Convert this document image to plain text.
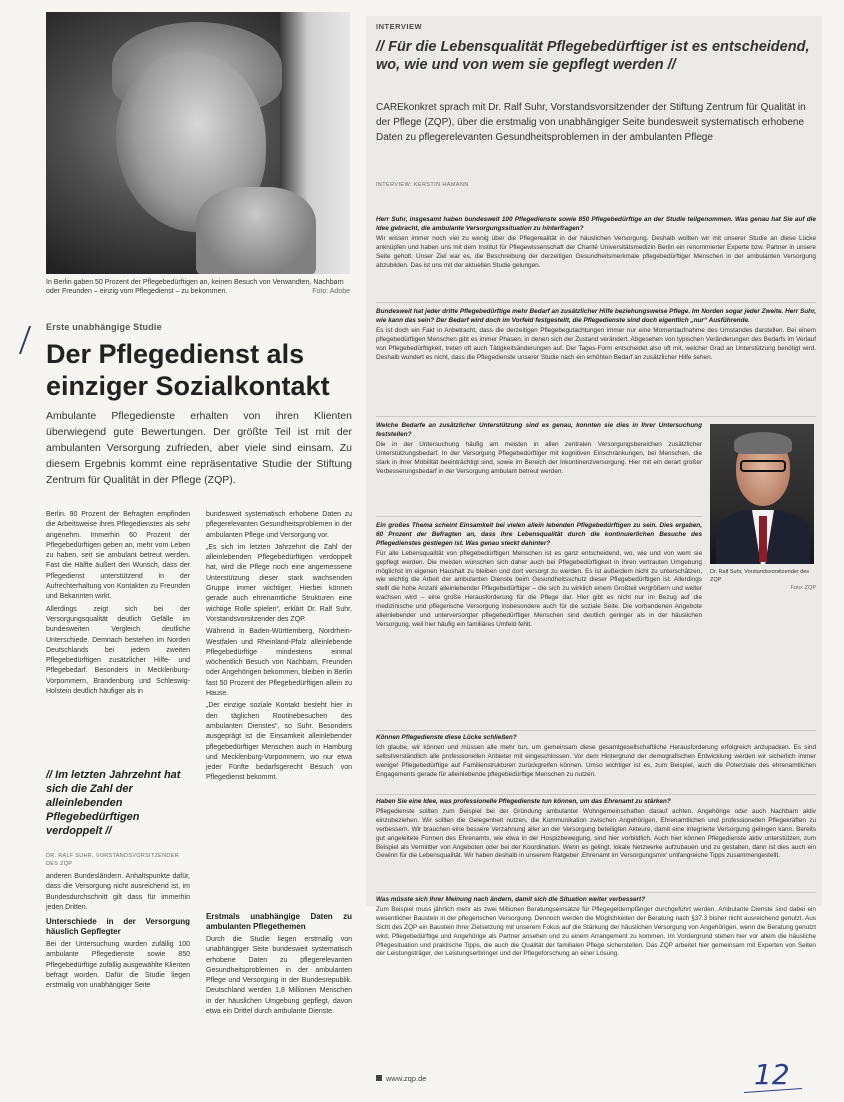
In Berlin gaben 50 Prozent der Pflegebedürftigen an, keinen Besuch von Verwandten, Nachbarn oder Freunden – einzig vom Pflegedienst – zu bekommen.	Foto: Adobe
Erste unabhängige Studie
Der Pflegedienst als einziger Sozialkontakt

Ambulante Pflegedienste erhalten von ihren Klienten überwiegend gute Bewertungen. Der größte Teil ist mit der ambulanten Versorgung zufrieden, aber viele sind einsam. Zu diesem Ergebnis kommt eine repräsentative Studie der Stiftung Zentrum für Qualität in der Pflege (ZQP).

Berlin. 90 Prozent der Befragten empfinden die Arbeitsweise ihres Pflegedienstes als sehr angenehm. Immerhin 60 Prozent der Pflegebedürftigen geben an, mehr vom Leben zu haben, seit sie ambulant betreut werden. Fast die Hälfte äußert den Wunsch, dass der Pflegedienst unterstützend in der Aufrechterhaltung von Kontakten zu Freunden und Bekannten wirkt.

Allerdings zeigt sich bei der Versorgungsqualität deutlich Gefälle im bundesweiten Vergleich deutliche Unterschiede. Demnach bestehen im Norden Deutschlands bei jedem zweiten Pflegebedürftigen zusätzlicher Hilfe- und Pflegebedarf. Besonders in Mecklenburg-Vorpommern, Brandenburg und Schleswig-Holstein deutlich häufiger als in

// Im letzten Jahrzehnt hat sich die Zahl der alleinlebenden Pflegebedürftigen verdoppelt //
DR. RALF SUHR, VORSTANDSVORSITZENDER DES ZQP

anderen Bundesländern. Anhaltspunkte dafür, dass die Versorgung nicht ausreichend ist, im Bundesdurchschnitt gilt dass für immerhin jeden Dritten.

Unterschiede in der Versorgung häuslich Gepflegter

Bei der Untersuchung wurden zufällig 100 ambulante Pflegedienste sowie 850 Pflegebedürftige zufällig ausgewählte Klienten befragt worden. Dafür die Studie liegen erstmalig von unabhängiger Seite

bundesweit systematisch erhobene Daten zu pflegerelevanten Gesundheitsproblemen in der ambulanten Pflege und Versorgung vor.

„Es sich im letzten Jahrzehnt die Zahl der alleinlebenden Pflegebedürftigen verdoppelt hat, wird die Pflege noch eine angemessene Unterstützung dieser stark wachsenden Gruppe immer wichtiger. Hierbei können gerade auch ehrenamtliche Strukturen eine wichtige Rolle spielen“, erklärt Dr. Ralf Suhr, Vorstandsvorsitzender des ZQP.

Während in Baden-Württemberg, Nordrhein-Westfalen und Rheinland-Pfalz alleinlebende Pflegebedürftige mindestens einmal wöchentlich Besuch von Nachbarn, Freunden oder Angehörigen bekommen, bleiben in Berlin fast 50 Prozent der Pflegebedürftigen allein zu Hause.

„Der einzige soziale Kontakt besteht hier in den täglichen Routinebesuchen des ambulanten Dienstes“, so Suhr. Besonders ausgeprägt ist die Einsamkeit alleinlebender pflegebedürftiger Menschen auch in Hamburg und Mecklenburg-Vorpommern, wo nur etwa jeder Fünfte bedarfsgerecht Besuch von Pflegedienst bekommt.

Erstmals unabhängige Daten zu ambulanten Pflegethemen

Durch die Studie liegen erstmalig von unabhängiger Seite bundesweit systematisch erhobene Daten zu pflegerelevanten Gesundheitsproblemen in der ambulanten Pflege und Versorgung in der Bundesrepublik. Deutschland werden 1,8 Millionen Menschen in der häuslichen Umgebung gepflegt, davon etwa ein Drittel durch ambulante Dienste.

INTERVIEW
// Für die Lebensqualität Pflegebedürftiger ist es entscheidend, wo, wie und von wem sie gepflegt werden //

CAREkonkret sprach mit Dr. Ralf Suhr, Vorstandsvorsitzender der Stiftung Zentrum für Qualität in der Pflege (ZQP), über die erstmalig von unabhängiger Seite bundesweit systematisch erhobene Daten zu pflegerelevanten Gesundheitsproblemen in der ambulanten Pflege

INTERVIEW: KERSTIN HAMANN
Herr Suhr, insgesamt haben bundesweit 100 Pflegedienste sowie 850 Pflegebedürftige an der Studie teilgenommen. Was genau hat Sie auf die Idee gebracht, die ambulante Versorgungssituation zu hinterfragen?
Wir wissen immer noch viel zu wenig über die Pflegerealität in der häuslichen Versorgung. Deshalb wollten wir mit unserer Studie an diese Lücke anknüpfen und haben uns mit dem Institut für Pflegewissenschaft der Charité Universitätsmedizin Berlin ein renommierter Experte bzw. Partner in unsere Seite geholt. Unser Ziel war es, die Beschreibung der derzeitigen Gesundheitsmerkmale pflegebedürftiger Menschen in der ambulanten Versorgung abzubilden. Das ist uns mit der aktuellen Studie gelungen.
Bundesweit hat jeder dritte Pflegebedürftige mehr Bedarf an zusätzlicher Hilfe beziehungsweise Pflege. Im Norden sogar jeder Zweite. Herr Suhr, wie kann das sein? Der Bedarf wird doch im Vorfeld festgestellt, die Pflegedienste sind doch eigentlich „nur“ Ausführende.
Es ist doch ein Fakt in Anbetracht, dass die derzeitigen Pflegebegutachtungen immer nur eine Momentaufnahme des Umstandes darstellen. Bei einem pflegebedürftigen Menschen gibt es immer Phasen, in denen sich der Zustand verändert. Abgesehen von typischen Veränderungen des Bedarfs im Verlauf von Pflegebedürftigkeit, treten oft auch Tätigkeitsänderungen auf. Der Tages-Form entscheidet also oft mit, welcher Grad an Unterstützung benötigt wird. Deshalb wundert es nicht, dass die Pflegedienste unserer Studie nach ein erhöhten Bedarf an zusätzlicher Hilfe sehen.
Welche Bedarfe an zusätzlicher Unterstützung sind es genau, konnten sie dies in Ihrer Untersuchung feststellen?
Die in der Untersuchung häufig am meisten in allen zentralen Versorgungsbereichen zusätzlicher Unterstützungsbedarf. In der Versorgung Pflegebedürftiger mit kognitiven Einschränkungen, bei Menschen, die stark in ihrer Mobilität beeinträchtigt sind, sowie im Bereich der Inkontinenzversorgung. Hier mit ein derart großer Verbesserungsbedarf in der Versorgung ambulant betreut werden.
Dr. Ralf Suhr, Vorstandsvorsitzender des ZQP
Foto: ZQP
Ein großes Thema scheint Einsamkeit bei vielen allein lebenden Pflegebedürftigen zu sein. Dies ergaben, 60 Prozent der Befragten an, dass ihre Lebensqualität durch die kontinuierlichen Besuche des Pflegedienstes gestiegen ist. Was genau steckt dahinter?
Für alle Lebensqualität von pflegebedürftigen Menschen ist es ganz entscheidend, wo, wie und von wem sie gepflegt werden. Die meisten wünschen sich daher auch bei Pflegebedürftigkeit in ihren vertrauten Umgebung möglichst im eigenen Haushalt zu bleiben und dort versorgt zu werden. Es ist außerdem nicht zu unterschätzen, wie wichtig die Arbeit der ambulanten Dienste beim Gesundheitsschutz dieser Pflegebedürftigen ist. Allerdings stellt die hohe Anzahl alleinlebender Pflegebedürftiger – die sich zu wirklich einem Großteil vergrößern und weiter wachsen wird – eine große Herausforderung für die Pflege dar. Hier gibt es nicht nur im Bezug auf die medizinische und pflegerische Versorgung insbesondere auch für die soziale Seite. Die vorhandenen Angebote alleinlebender und unterversorgter pflegebedürftiger Menschen sind deutlich geringer als in der häuslichen Versorgung, weil hier häufig ein familiäres Umfeld fehlt.
Können Pflegedienste diese Lücke schließen?
Ich glaube, wir können und müssen alle mehr tun, um gemeinsam diese gesamtgesellschaftliche Herausforderung erfolgreich anzupacken. Es sind selbstverständlich alle professionellen Anbieter mit eingeschlossen. Vor dem Hintergrund der demografischen Entwicklung werden wir sicherlich immer weniger Pflegebedürftige auf Familienstrukturen zurückgreifen können. Umso wichtiger ist es, zum Beispiel, auch die Potenziale des ehrenamtlichen Engagements gerade für alleinlebende pflegebedürftige Menschen zu nutzen.
Haben Sie eine Idee, was professionelle Pflegedienste tun können, um das Ehrenamt zu stärken?
Pflegedienste sollten zum Beispiel bei der Gründung ambulanter Wohngemeinschaften darauf achten, Angehörige oder auch Nachbarn aktiv einzubeziehen. Wir sollten die Gelegenheit nutzen, die Kommunikation zwischen Angehörigen, Ehrenamtlichen und professionellen Pflegekräften zu verbessern. Wir brauchen eine bessere Verzahnung aller an der Versorgung beteiligten Akteure, damit eine integrierte Versorgung gelingen kann. Bereits gut angeleitete Formen des Ehrenamts, wie etwa in der Hospizbewegung, sind hier vorbildlich. Auch hier können Pflegedienste aktiv unterstützen, zum Beispiel als Vermittler von Angeboten oder bei der Koordination. Wenn es gelingt, lokale Netzwerke aufzubauen und zu gestalten, dann ist dies auch ein Gewinn für die Lebensqualität. Wir haben deshalb in unserem Ratgeber ‚Ehrenamt im Versorgungsmix‘ umfangreiche Tipps zusammengestellt.
Was müsste sich Ihrer Meinung nach ändern, damit sich die Situation weiter verbessert?
Zum Beispiel muss jährlich mehr als zwei Millionen Beratungseinsätze für Pflegegeldempfänger durchgeführt werden. Ambulante Dienste sind dabei ein wesentlicher Baustein in der pflegerischen Versorgung. Dennoch werden die Möglichkeiten der Beratung nach §37.3 bisher nicht ausreichend genutzt. Aus Sicht des ZQP ein Baustein Ihrer Zielsetzung mit unserem Fokus auf die Stärkung der häuslichen Versorgung von Angehörigen, wenn die Beratung genutzt wird, Pflegebedürftige und Angehörige als Partner ansehen und zu einem Arrangement zu kommen. Im Vordergrund stehen hier vor allem die häusliche Pflegesituation und praktische Tipps, die auch die Qualität der familialen Pflege sicherstellen. Das ZQP arbeitet hier gemeinsam mit Experten von Seiten der Leistungsträger, der Leistungserbringer und der Pflegeforschung an einer Lösung.
www.zqp.de	12
